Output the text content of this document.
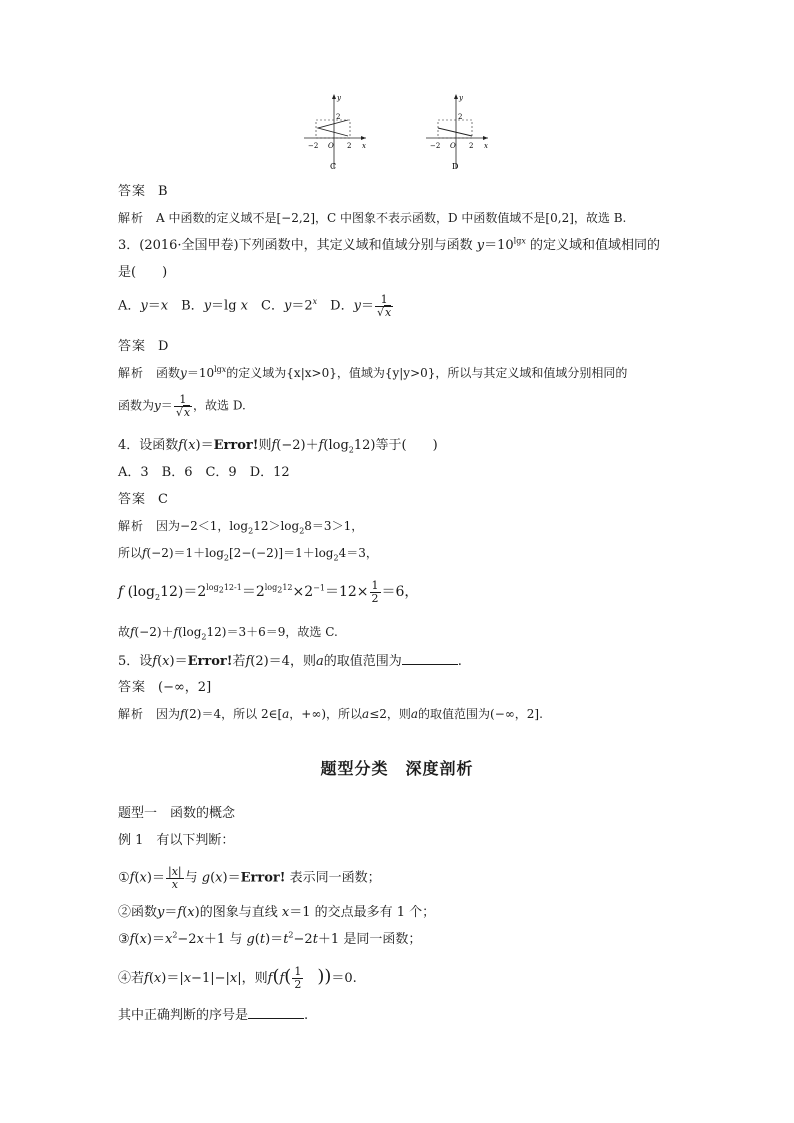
y
x
2
−2 O 2
C
y
x
2
−2 O 2
D
答案 B
解析 A 中函数的定义域不是[−2,2]，C 中图象不表示函数，D 中函数值域不是[0,2]，故选 B.
3．(2016·全国甲卷)下列函数中，其定义域和值域分别与函数 $y=10^{lgx}$ 的定义域和值域相同的
是(　　)
A．y＝x　 B．y＝lg x　 C．$y=2^x$　 D．$y= \frac{1}{√x}$
答案 D
解析 函数$y=10^{lgx}$的定义域为{x|x>0}，值域为{y|y>0}，所以与其定义域和值域分别相同的
函数为$y= \frac{1}{√x}$ ，故选 D.
4．设函数f(x)＝Error!则$f(-2)+f(\log_212)$等于(　　)
A．3　B．6　C．9　D．12
答案 C
解析 因为−2＜1，$\log_212>\log_28=3>1$，
所以$f(-2)=1+\log_2[2-(-2)]=1+\log_24=3$，
f $(\log_212)=2^{log_212-1}=2^{log_212}\times 2^{-1}=12\times \frac{1}{2} =6$，
故$f(-2)+f(\log_212)=3+6=9$，故选 C.
5．设f(x)＝Error!若f(2)＝4，则a的取值范围为	.
答案 (−∞，2]
解析 因为f(2)＝4，所以 2∈[a，+∞)，所以a≤2，则a的取值范围为(−∞，2].
题型分类　深度剖析
题型一　函数的概念
例 1　有以下判断：
①f(x)＝ $\frac{|x|}{x}$ 与 g(x)＝Error! 表示同一函数；
②函数y＝f(x)的图象与直线 x＝1 的交点最多有 1 个；
$③f(x)=x^2-2x+1$ 与 $g(t)=t^2-2t+1$ 是同一函数；
④若f(x)＝|x−1|−|x|，则$f(f( \frac{1}{2}$
　 ))＝0.
其中正确判断的序号是	.
